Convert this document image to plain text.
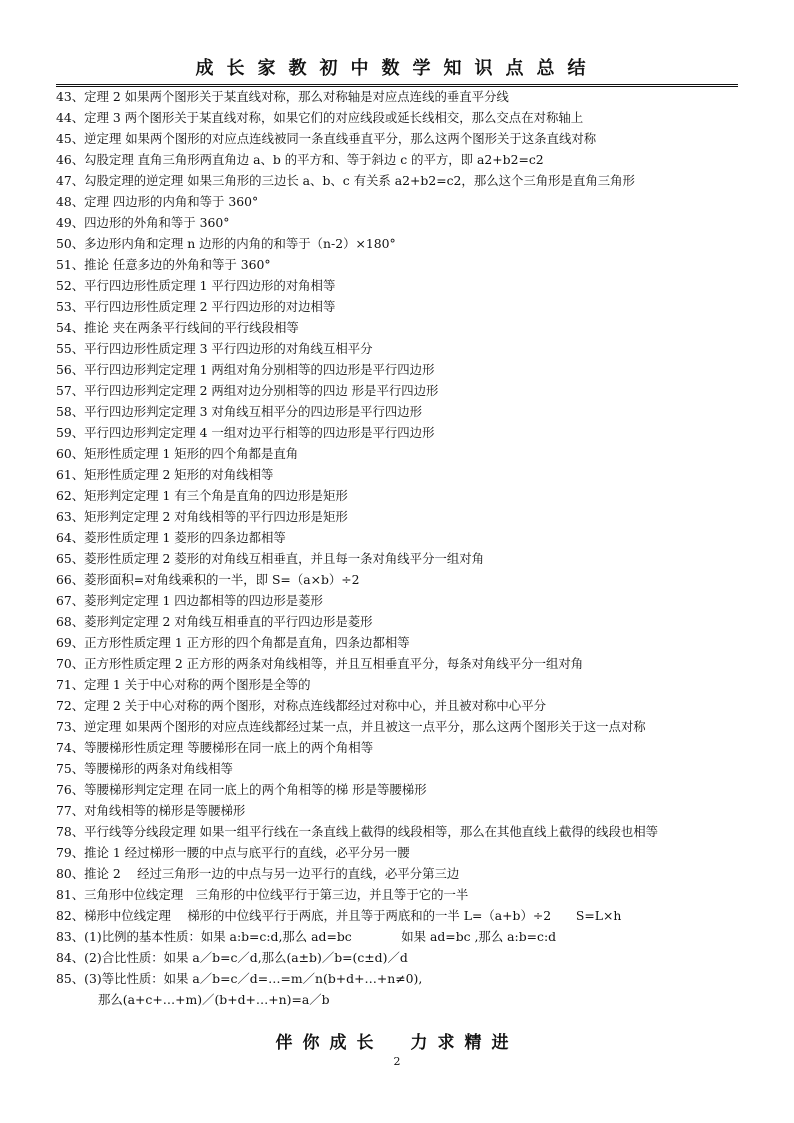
成长家教初中数学知识点总结
43、定理 2 如果两个图形关于某直线对称，那么对称轴是对应点连线的垂直平分线
44、定理 3 两个图形关于某直线对称，如果它们的对应线段或延长线相交，那么交点在对称轴上
45、逆定理 如果两个图形的对应点连线被同一条直线垂直平分，那么这两个图形关于这条直线对称
46、勾股定理 直角三角形两直角边 a、b 的平方和、等于斜边 c 的平方，即 a2+b2=c2
47、勾股定理的逆定理 如果三角形的三边长 a、b、c 有关系 a2+b2=c2，那么这个三角形是直角三角形
48、定理 四边形的内角和等于 360°
49、四边形的外角和等于 360°
50、多边形内角和定理 n 边形的内角的和等于（n-2）×180°
51、推论 任意多边的外角和等于 360°
52、平行四边形性质定理 1 平行四边形的对角相等
53、平行四边形性质定理 2 平行四边形的对边相等
54、推论 夹在两条平行线间的平行线段相等
55、平行四边形性质定理 3 平行四边形的对角线互相平分
56、平行四边形判定定理 1 两组对角分别相等的四边形是平行四边形
57、平行四边形判定定理 2 两组对边分别相等的四边 形是平行四边形
58、平行四边形判定定理 3 对角线互相平分的四边形是平行四边形
59、平行四边形判定定理 4 一组对边平行相等的四边形是平行四边形
60、矩形性质定理 1 矩形的四个角都是直角
61、矩形性质定理 2 矩形的对角线相等
62、矩形判定定理 1 有三个角是直角的四边形是矩形
63、矩形判定定理 2 对角线相等的平行四边形是矩形
64、菱形性质定理 1 菱形的四条边都相等
65、菱形性质定理 2 菱形的对角线互相垂直，并且每一条对角线平分一组对角
66、菱形面积=对角线乘积的一半，即 S=（a×b）÷2
67、菱形判定定理 1 四边都相等的四边形是菱形
68、菱形判定定理 2 对角线互相垂直的平行四边形是菱形
69、正方形性质定理 1 正方形的四个角都是直角，四条边都相等
70、正方形性质定理 2 正方形的两条对角线相等，并且互相垂直平分，每条对角线平分一组对角
71、定理 1 关于中心对称的两个图形是全等的
72、定理 2 关于中心对称的两个图形，对称点连线都经过对称中心，并且被对称中心平分
73、逆定理 如果两个图形的对应点连线都经过某一点，并且被这一点平分，那么这两个图形关于这一点对称
74、等腰梯形性质定理 等腰梯形在同一底上的两个角相等
75、等腰梯形的两条对角线相等
76、等腰梯形判定定理 在同一底上的两个角相等的梯 形是等腰梯形
77、对角线相等的梯形是等腰梯形
78、平行线等分线段定理 如果一组平行线在一条直线上截得的线段相等，那么在其他直线上截得的线段也相等
79、推论 1 经过梯形一腰的中点与底平行的直线，必平分另一腰
80、推论 2　 经过三角形一边的中点与另一边平行的直线，必平分第三边
81、三角形中位线定理　三角形的中位线平行于第三边，并且等于它的一半
82、梯形中位线定理　 梯形的中位线平行于两底，并且等于两底和的一半 L=（a+b）÷2　　S=L×h
83、(1)比例的基本性质：如果 a:b=c:d,那么 ad=bc　　　　如果 ad=bc ,那么 a:b=c:d
84、(2)合比性质：如果 a／b=c／d,那么(a±b)／b=(c±d)／d
85、(3)等比性质：如果 a／b=c／d=…=m／n(b+d+…+n≠0),
那么(a+c+…+m)／(b+d+…+n)=a／b
伴你成长　力求精进
2
